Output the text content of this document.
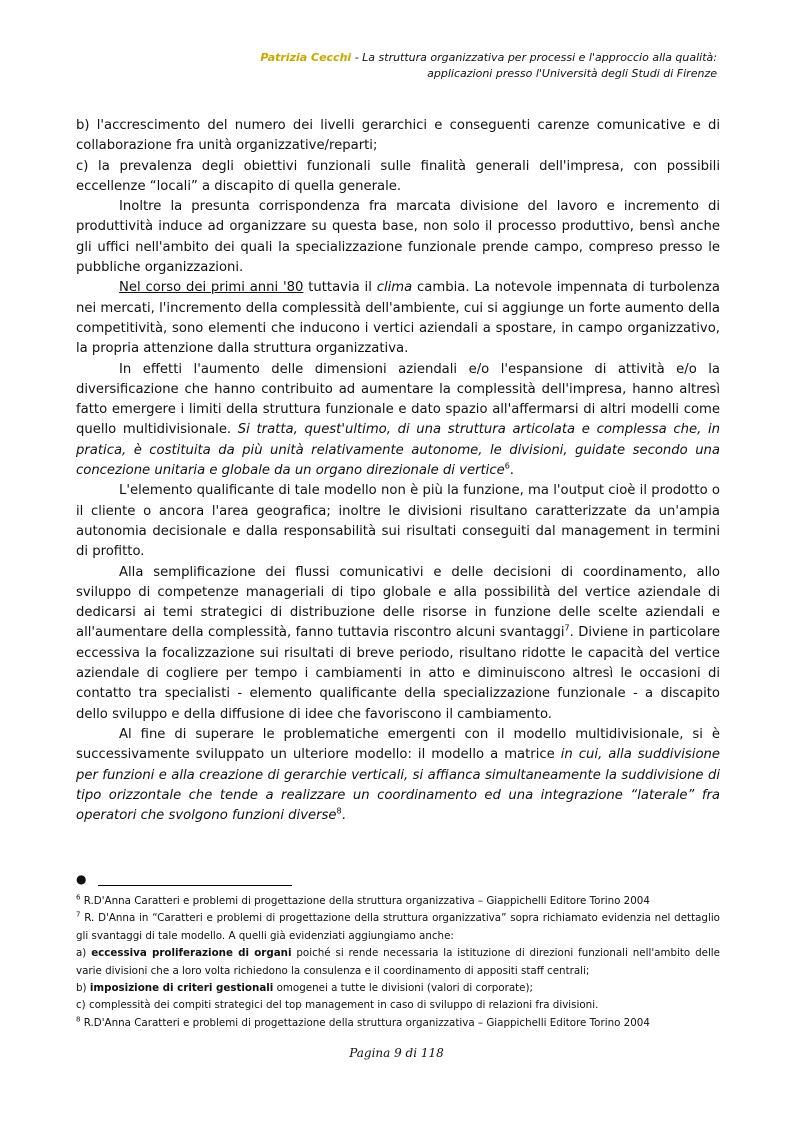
Patrizia Cecchi - La struttura organizzativa per processi e l'approccio alla qualità:
applicazioni presso l'Università degli Studi di Firenze

b) l'accrescimento del numero dei livelli gerarchici e conseguenti carenze comunicative e di collaborazione fra unità organizzative/reparti;

c) la prevalenza degli obiettivi funzionali sulle finalità generali dell'impresa, con possibili eccellenze “locali” a discapito di quella generale.

Inoltre la presunta corrispondenza fra marcata divisione del lavoro e incremento di produttività induce ad organizzare su questa base, non solo il processo produttivo, bensì anche gli uffici nell'ambito dei quali la specializzazione funzionale prende campo, compreso presso le pubbliche organizzazioni.

Nel corso dei primi anni '80 tuttavia il clima cambia. La notevole impennata di turbolenza nei mercati, l'incremento della complessità dell'ambiente, cui si aggiunge un forte aumento della competitività, sono elementi che inducono i vertici aziendali a spostare, in campo organizzativo, la propria attenzione dalla struttura organizzativa.

In effetti l'aumento delle dimensioni aziendali e/o l'espansione di attività e/o la diversificazione che hanno contribuito ad aumentare la complessità dell'impresa, hanno altresì fatto emergere i limiti della struttura funzionale e dato spazio all'affermarsi di altri modelli come quello multidivisionale. Si tratta, quest'ultimo, di una struttura articolata e complessa che, in pratica, è costituita da più unità relativamente autonome, le divisioni, guidate secondo una concezione unitaria e globale da un organo direzionale di vertice$^6$.

L'elemento qualificante di tale modello non è più la funzione, ma l'output cioè il prodotto o il cliente o ancora l'area geografica; inoltre le divisioni risultano caratterizzate da un'ampia autonomia decisionale e dalla responsabilità sui risultati conseguiti dal management in termini di profitto.

Alla semplificazione dei flussi comunicativi e delle decisioni di coordinamento, allo sviluppo di competenze manageriali di tipo globale e alla possibilità del vertice aziendale di dedicarsi ai temi strategici di distribuzione delle risorse in funzione delle scelte aziendali e all'aumentare della complessità, fanno tuttavia riscontro alcuni svantaggi$^7$. Diviene in particolare eccessiva la focalizzazione sui risultati di breve periodo, risultano ridotte le capacità del vertice aziendale di cogliere per tempo i cambiamenti in atto e diminuiscono altresì le occasioni di contatto tra specialisti - elemento qualificante della specializzazione funzionale - a discapito dello sviluppo e della diffusione di idee che favoriscono il cambiamento.

Al fine di superare le problematiche emergenti con il modello multidivisionale, si è successivamente sviluppato un ulteriore modello: il modello a matrice in cui, alla suddivisione per funzioni e alla creazione di gerarchie verticali, si affianca simultaneamente la suddivisione di tipo orizzontale che tende a realizzare un coordinamento ed una integrazione “laterale” fra operatori che svolgono funzioni diverse$^8$.

●

$^6$ R.D'Anna Caratteri e problemi di progettazione della struttura organizzativa – Giappichelli Editore Torino 2004

$^7$ R. D'Anna in “Caratteri e problemi di progettazione della struttura organizzativa” sopra richiamato evidenzia nel dettaglio gli svantaggi di tale modello. A quelli già evidenziati aggiungiamo anche:

a) eccessiva proliferazione di organi poiché si rende necessaria la istituzione di direzioni funzionali nell'ambito delle varie divisioni che a loro volta richiedono la consulenza e il coordinamento di appositi staff centrali;

b) imposizione di criteri gestionali omogenei a tutte le divisioni (valori di corporate);

c) complessità dei compiti strategici del top management in caso di sviluppo di relazioni fra divisioni.

$^8$ R.D'Anna Caratteri e problemi di progettazione della struttura organizzativa – Giappichelli Editore Torino 2004

Pagina 9 di 118
